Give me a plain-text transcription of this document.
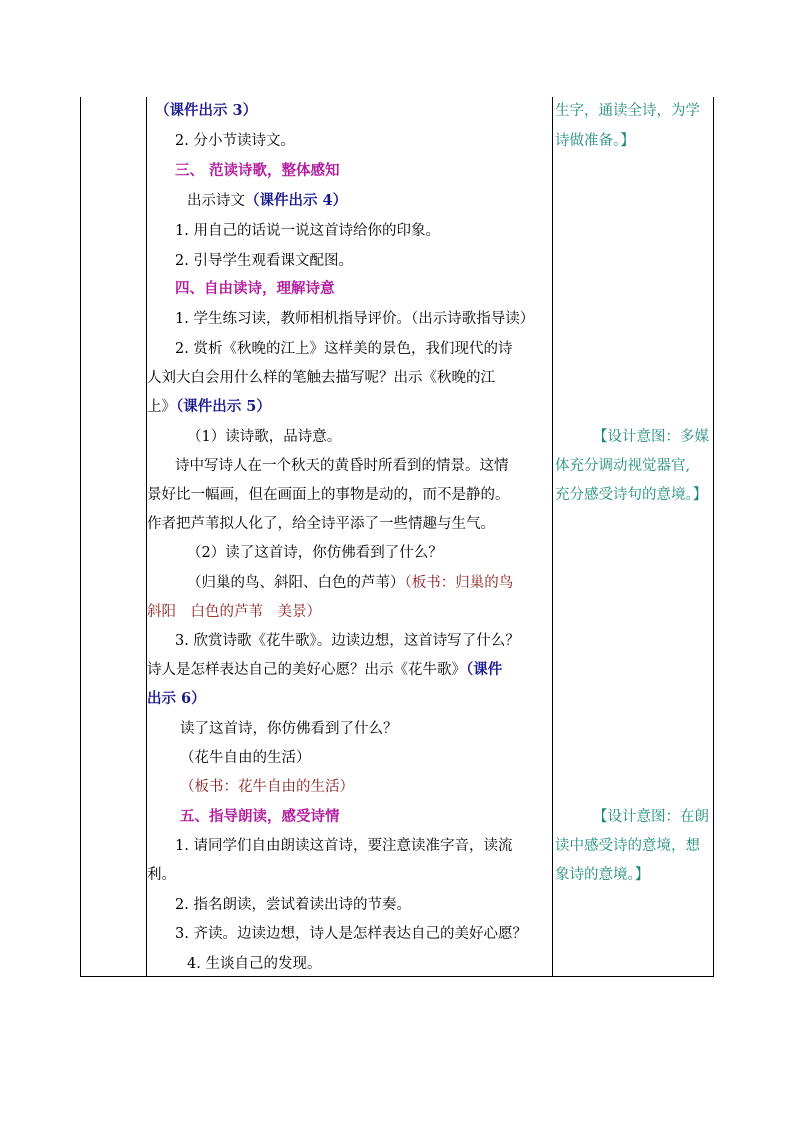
（课件出示 3）
2. 分小节读诗文。
三、 范读诗歌，整体感知
出示诗文（课件出示 4）
1. 用自己的话说一说这首诗给你的印象。
2. 引导学生观看课文配图。
四、自由读诗，理解诗意
1. 学生练习读，教师相机指导评价。（出示诗歌指导读）
2. 赏析《秋晚的江上》这样美的景色，我们现代的诗
人刘大白会用什么样的笔触去描写呢？出示《秋晚的江
上》（课件出示 5）
（1）读诗歌，品诗意。
诗中写诗人在一个秋天的黄昏时所看到的情景。这情
景好比一幅画，但在画面上的事物是动的，而不是静的。
作者把芦苇拟人化了，给全诗平添了一些情趣与生气。
（2）读了这首诗，你仿佛看到了什么？
（归巢的鸟、斜阳、白色的芦苇）（板书：归巢的鸟
斜阳　白色的芦苇　美景）
3. 欣赏诗歌《花牛歌》。边读边想，这首诗写了什么？
诗人是怎样表达自己的美好心愿？出示《花牛歌》（课件
出示 6）
读了这首诗，你仿佛看到了什么？
（花牛自由的生活）
（板书：花牛自由的生活）
五、指导朗读，感受诗情
1. 请同学们自由朗读这首诗，要注意读准字音，读流
利。
2. 指名朗读，尝试着读出诗的节奏。
3. 齐读。边读边想，诗人是怎样表达自己的美好心愿？
4. 生谈自己的发现。
生字，通读全诗，为学
诗做准备。】
【设计意图：多媒
体充分调动视觉器官,
充分感受诗句的意境。】
【设计意图：在朗
读中感受诗的意境，想
象诗的意境。】
